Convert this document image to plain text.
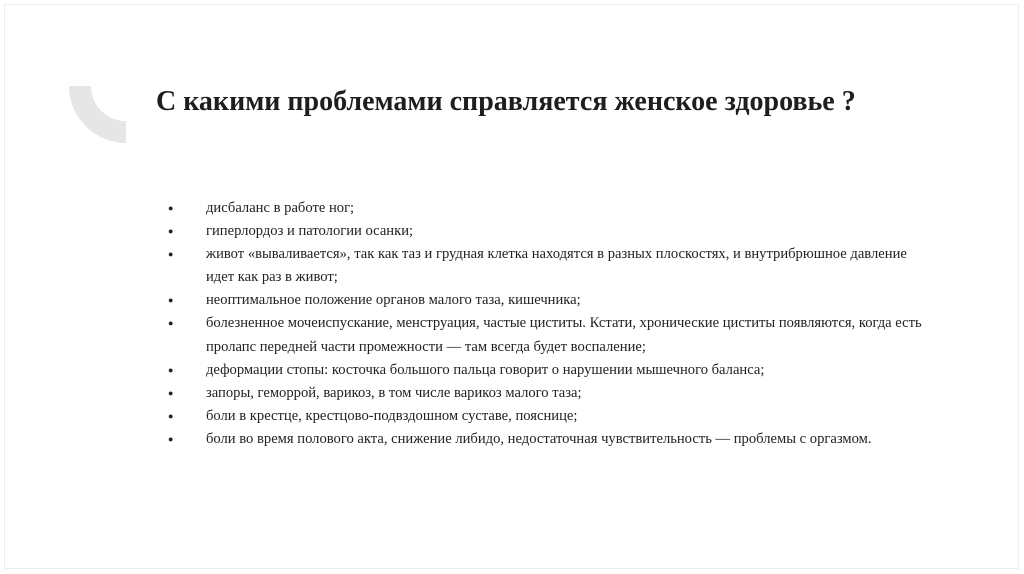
С какими проблемами справляется женское здоровье ?
● дисбаланс в работе ног;
● гиперлордоз и патологии осанки;
● живот «вываливается», так как таз и грудная клетка находятся в разных плоскостях, и внутрибрюшное давление идет как раз в живот;
● неоптимальное положение органов малого таза, кишечника;
● болезненное мочеиспускание, менструация, частые циститы. Кстати, хронические циститы появляются, когда есть пролапс передней части промежности — там всегда будет воспаление;
● деформации стопы: косточка большого пальца говорит о нарушении мышечного баланса;
● запоры, геморрой, варикоз, в том числе варикоз малого таза;
● боли в крестце, крестцово-подвздошном суставе, пояснице;
● боли во время полового акта, снижение либидо, недостаточная чувствительность — проблемы с оргазмом.
